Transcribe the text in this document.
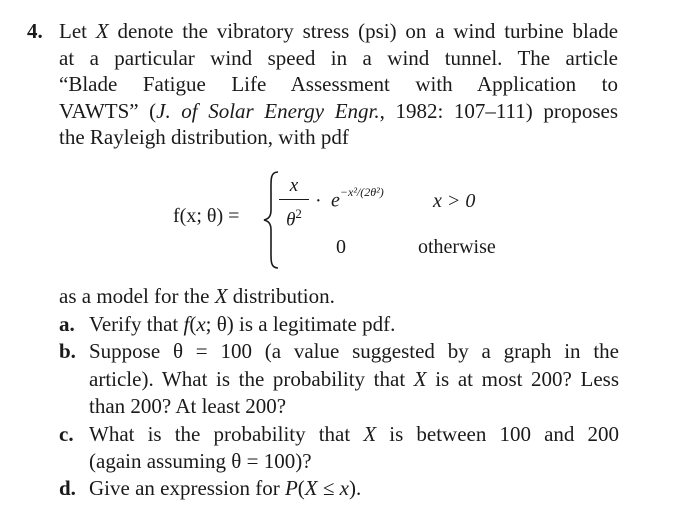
4. Let X denote the vibratory stress (psi) on a wind turbine blade
at a particular wind speed in a wind tunnel. The article
“Blade Fatigue Life Assessment with Application to
VAWTS” (J. of Solar Energy Engr., 1982: 107–111) proposes
the Rayleigh distribution, with pdf
f(x; θ) =
x
$\theta^2$
· $e^{-x^2/(2\theta^2)}$ x > 0
0	otherwise
as a model for the X distribution.
a. Verify that f(x; θ) is a legitimate pdf.
b. Suppose θ = 100 (a value suggested by a graph in the
article). What is the probability that X is at most 200? Less
than 200? At least 200?
c. What is the probability that X is between 100 and 200
(again assuming θ = 100)?
d. Give an expression for P(X ≤ x).
